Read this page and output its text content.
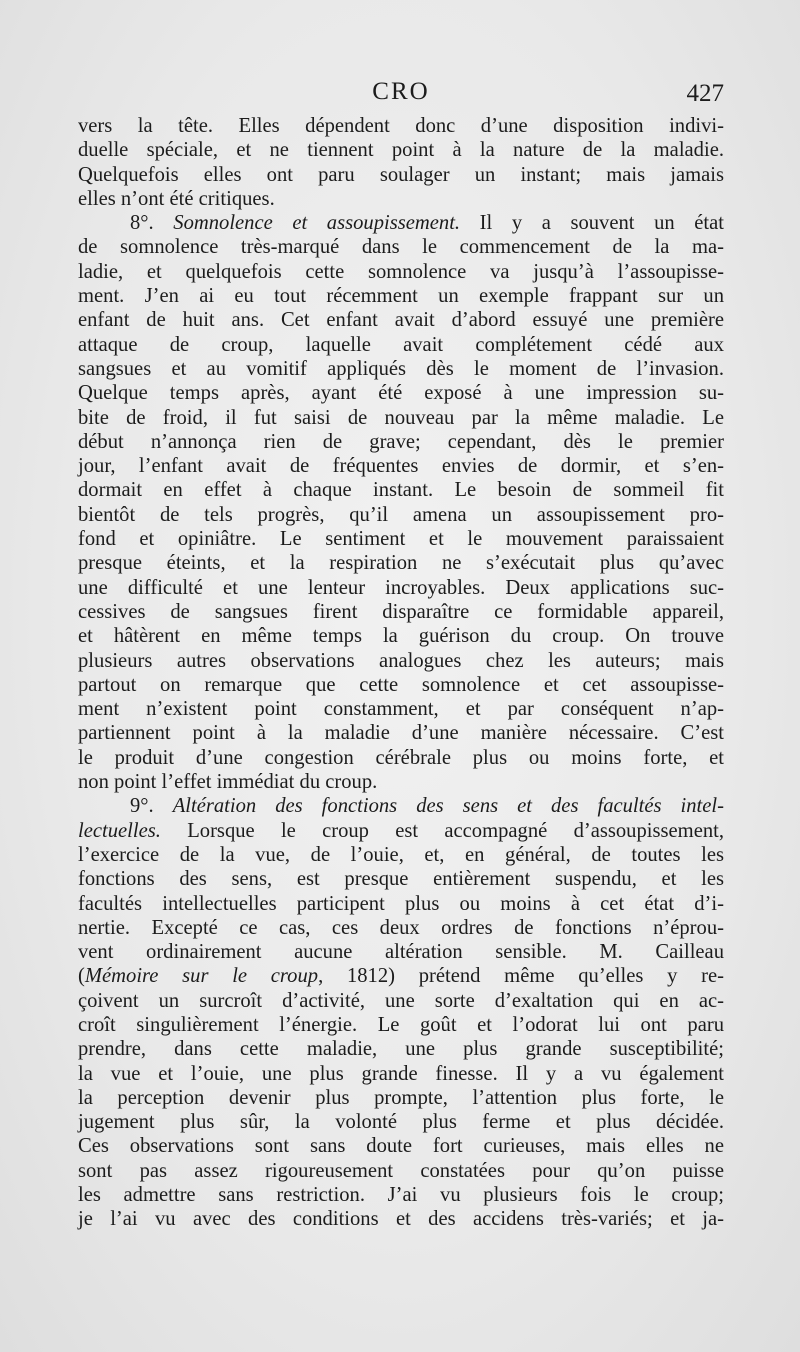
CRO	427
vers la tête. Elles dépendent donc d’une disposition indivi-
duelle spéciale, et ne tiennent point à la nature de la maladie.
Quelquefois elles ont paru soulager un instant; mais jamais
elles n’ont été critiques.
8°. Somnolence et assoupissement. Il y a souvent un état
de somnolence très-marqué dans le commencement de la ma-
ladie, et quelquefois cette somnolence va jusqu’à l’assoupisse-
ment. J’en ai eu tout récemment un exemple frappant sur un
enfant de huit ans. Cet enfant avait d’abord essuyé une première
attaque de croup, laquelle avait complétement cédé aux
sangsues et au vomitif appliqués dès le moment de l’invasion.
Quelque temps après, ayant été exposé à une impression su-
bite de froid, il fut saisi de nouveau par la même maladie. Le
début n’annonça rien de grave; cependant, dès le premier
jour, l’enfant avait de fréquentes envies de dormir, et s’en-
dormait en effet à chaque instant. Le besoin de sommeil fit
bientôt de tels progrès, qu’il amena un assoupissement pro-
fond et opiniâtre. Le sentiment et le mouvement paraissaient
presque éteints, et la respiration ne s’exécutait plus qu’avec
une difficulté et une lenteur incroyables. Deux applications suc-
cessives de sangsues firent disparaître ce formidable appareil,
et hâtèrent en même temps la guérison du croup. On trouve
plusieurs autres observations analogues chez les auteurs; mais
partout on remarque que cette somnolence et cet assoupisse-
ment n’existent point constamment, et par conséquent n’ap-
partiennent point à la maladie d’une manière nécessaire. C’est
le produit d’une congestion cérébrale plus ou moins forte, et
non point l’effet immédiat du croup.
9°. Altération des fonctions des sens et des facultés intel-
lectuelles. Lorsque le croup est accompagné d’assoupissement,
l’exercice de la vue, de l’ouie, et, en général, de toutes les
fonctions des sens, est presque entièrement suspendu, et les
facultés intellectuelles participent plus ou moins à cet état d’i-
nertie. Excepté ce cas, ces deux ordres de fonctions n’éprou-
vent ordinairement aucune altération sensible. M. Cailleau
(Mémoire sur le croup, 1812) prétend même qu’elles y re-
çoivent un surcroît d’activité, une sorte d’exaltation qui en ac-
croît singulièrement l’énergie. Le goût et l’odorat lui ont paru
prendre, dans cette maladie, une plus grande susceptibilité;
la vue et l’ouie, une plus grande finesse. Il y a vu également
la perception devenir plus prompte, l’attention plus forte, le
jugement plus sûr, la volonté plus ferme et plus décidée.
Ces observations sont sans doute fort curieuses, mais elles ne
sont pas assez rigoureusement constatées pour qu’on puisse
les admettre sans restriction. J’ai vu plusieurs fois le croup;
je l’ai vu avec des conditions et des accidens très-variés; et ja-
